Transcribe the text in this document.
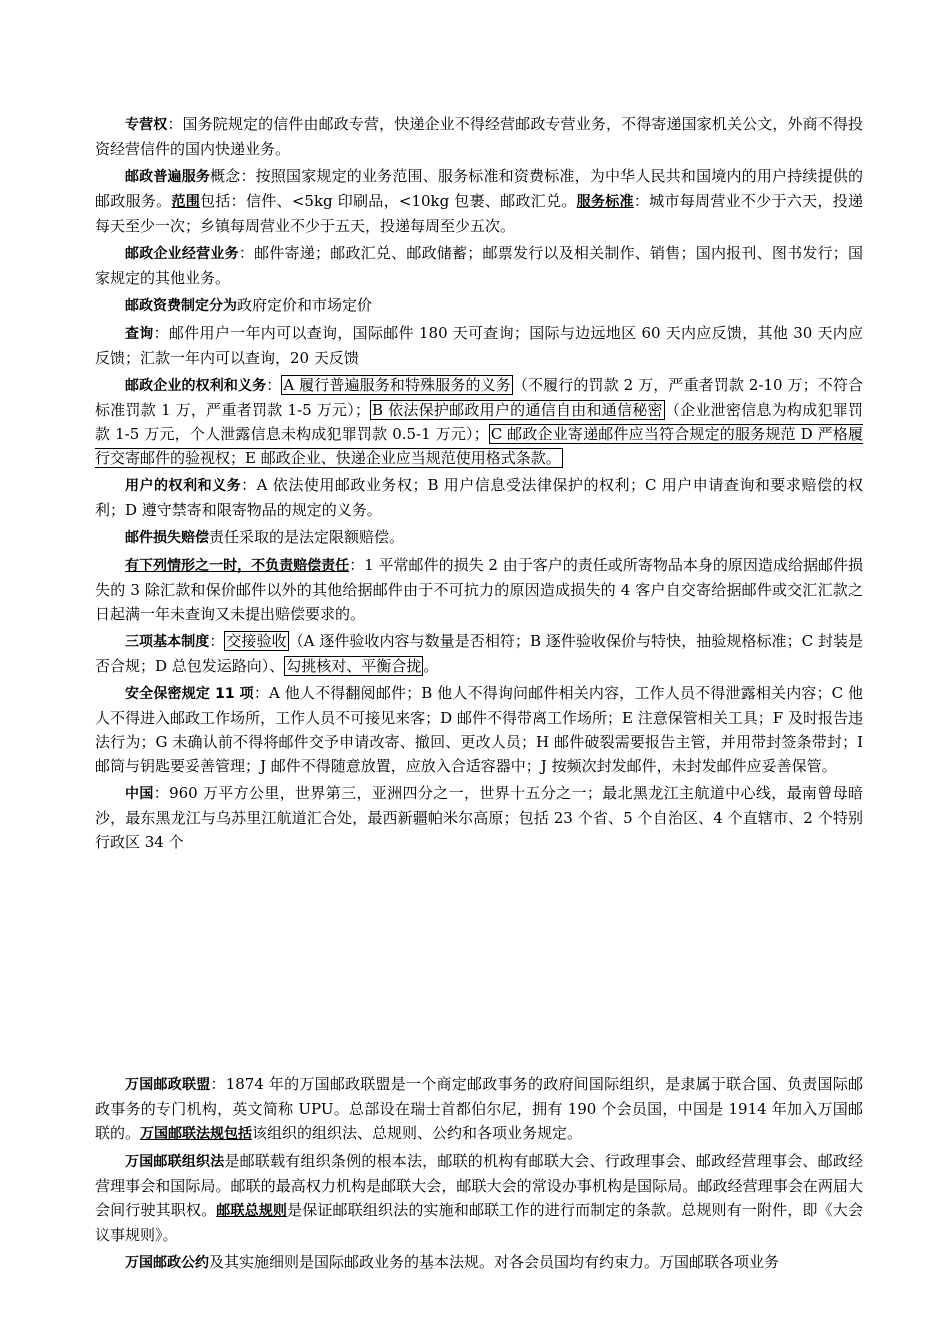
专营权：国务院规定的信件由邮政专营，快递企业不得经营邮政专营业务，不得寄递国家机关公文，外商不得投资经营信件的国内快递业务。

邮政普遍服务概念：按照国家规定的业务范围、服务标准和资费标准，为中华人民共和国境内的用户持续提供的邮政服务。范围包括：信件、<5kg 印刷品，<10kg 包裹、邮政汇兑。服务标准：城市每周营业不少于六天，投递每天至少一次；乡镇每周营业不少于五天，投递每周至少五次。

邮政企业经营业务：邮件寄递；邮政汇兑、邮政储蓄；邮票发行以及相关制作、销售；国内报刊、图书发行；国家规定的其他业务。

邮政资费制定分为政府定价和市场定价

查询：邮件用户一年内可以查询，国际邮件 180 天可查询；国际与边远地区 60 天内应反馈，其他 30 天内应反馈；汇款一年内可以查询，20 天反馈

邮政企业的权利和义务： A 履行普遍服务和特殊服务的义务 （不履行的罚款 2 万，严重者罚款 2-10 万；不符合标准罚款 1 万，严重者罚款 1-5 万元）； B 依法保护邮政用户的通信自由和通信秘密 （企业泄密信息为构成犯罪罚款 1-5 万元，个人泄露信息未构成犯罪罚款 0.5-1 万元）； C 邮政企业寄递邮件应当符合规定的服务规范 D 严格履行交寄邮件的验视权；E 邮政企业、快递企业应当规范使用格式条款。

用户的权利和义务：A 依法使用邮政业务权；B 用户信息受法律保护的权利；C 用户申请查询和要求赔偿的权利；D 遵守禁寄和限寄物品的规定的义务。

邮件损失赔偿责任采取的是法定限额赔偿。

有下列情形之一时，不负责赔偿责任：1 平常邮件的损失 2 由于客户的责任或所寄物品本身的原因造成给据邮件损失的 3 除汇款和保价邮件以外的其他给据邮件由于不可抗力的原因造成损失的 4 客户自交寄给据邮件或交汇汇款之日起满一年未查询又未提出赔偿要求的。

三项基本制度： 交接验收 （A 逐件验收内容与数量是否相符；B 逐件验收保价与特快，抽验规格标准；C 封装是否合规；D 总包发运路向）、 勾挑核对、平衡合拢 。

安全保密规定 11 项：A 他人不得翻阅邮件；B 他人不得询问邮件相关内容，工作人员不得泄露相关内容；C 他人不得进入邮政工作场所，工作人员不可接见来客；D 邮件不得带离工作场所；E 注意保管相关工具；F 及时报告违法行为；G 未确认前不得将邮件交予申请改寄、撤回、更改人员；H 邮件破裂需要报告主管，并用带封签条带封；I 邮筒与钥匙要妥善管理；J 邮件不得随意放置，应放入合适容器中；J 按频次封发邮件，未封发邮件应妥善保管。

中国：960 万平方公里，世界第三，亚洲四分之一，世界十五分之一；最北黑龙江主航道中心线，最南曾母暗沙，最东黑龙江与乌苏里江航道汇合处，最西新疆帕米尔高原；包括 23 个省、5 个自治区、4 个直辖市、2 个特别行政区 34 个

万国邮政联盟：1874 年的万国邮政联盟是一个商定邮政事务的政府间国际组织，是隶属于联合国、负责国际邮政事务的专门机构，英文简称 UPU。总部设在瑞士首都伯尔尼，拥有 190 个会员国，中国是 1914 年加入万国邮联的。万国邮联法规包括该组织的组织法、总规则、公约和各项业务规定。

万国邮联组织法是邮联载有组织条例的根本法，邮联的机构有邮联大会、行政理事会、邮政经营理事会、邮政经营理事会和国际局。邮联的最高权力机构是邮联大会，邮联大会的常设办事机构是国际局。邮政经营理事会在两届大会间行驶其职权。邮联总规则是保证邮联组织法的实施和邮联工作的进行而制定的条款。总规则有一附件，即《大会议事规则》。

万国邮政公约及其实施细则是国际邮政业务的基本法规。对各会员国均有约束力。万国邮联各项业务
